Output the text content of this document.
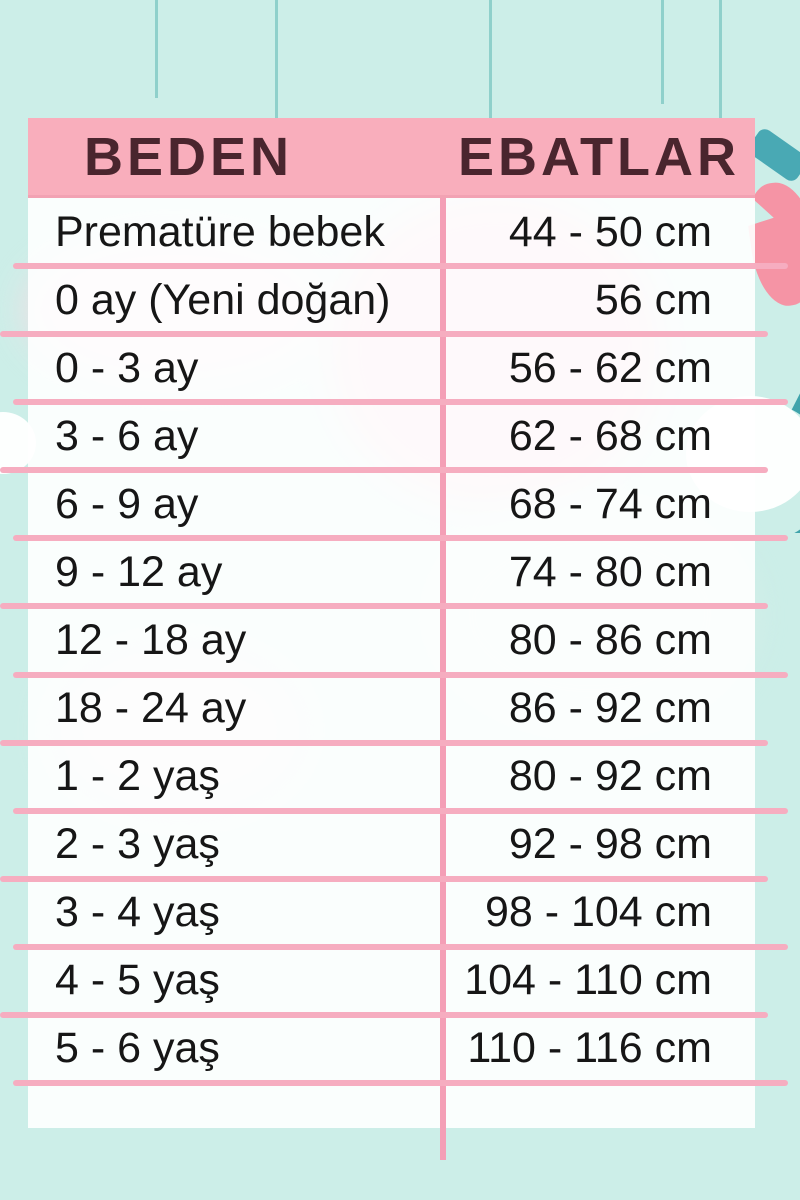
BEDEN	EBATLAR
Prematüre bebek	44 - 50 cm
0 ay (Yeni doğan)	56 cm
0 - 3 ay	56 - 62 cm
3 - 6 ay	62 - 68 cm
6 - 9 ay	68 - 74 cm
9 - 12 ay	74 - 80 cm
12 - 18 ay	80 - 86 cm
18 - 24 ay	86 - 92 cm
1 - 2 yaş	80 - 92 cm
2 - 3 yaş	92 - 98 cm
3 - 4 yaş	98 - 104 cm
4 - 5 yaş	104 - 110 cm
5 - 6 yaş	110 - 116 cm
